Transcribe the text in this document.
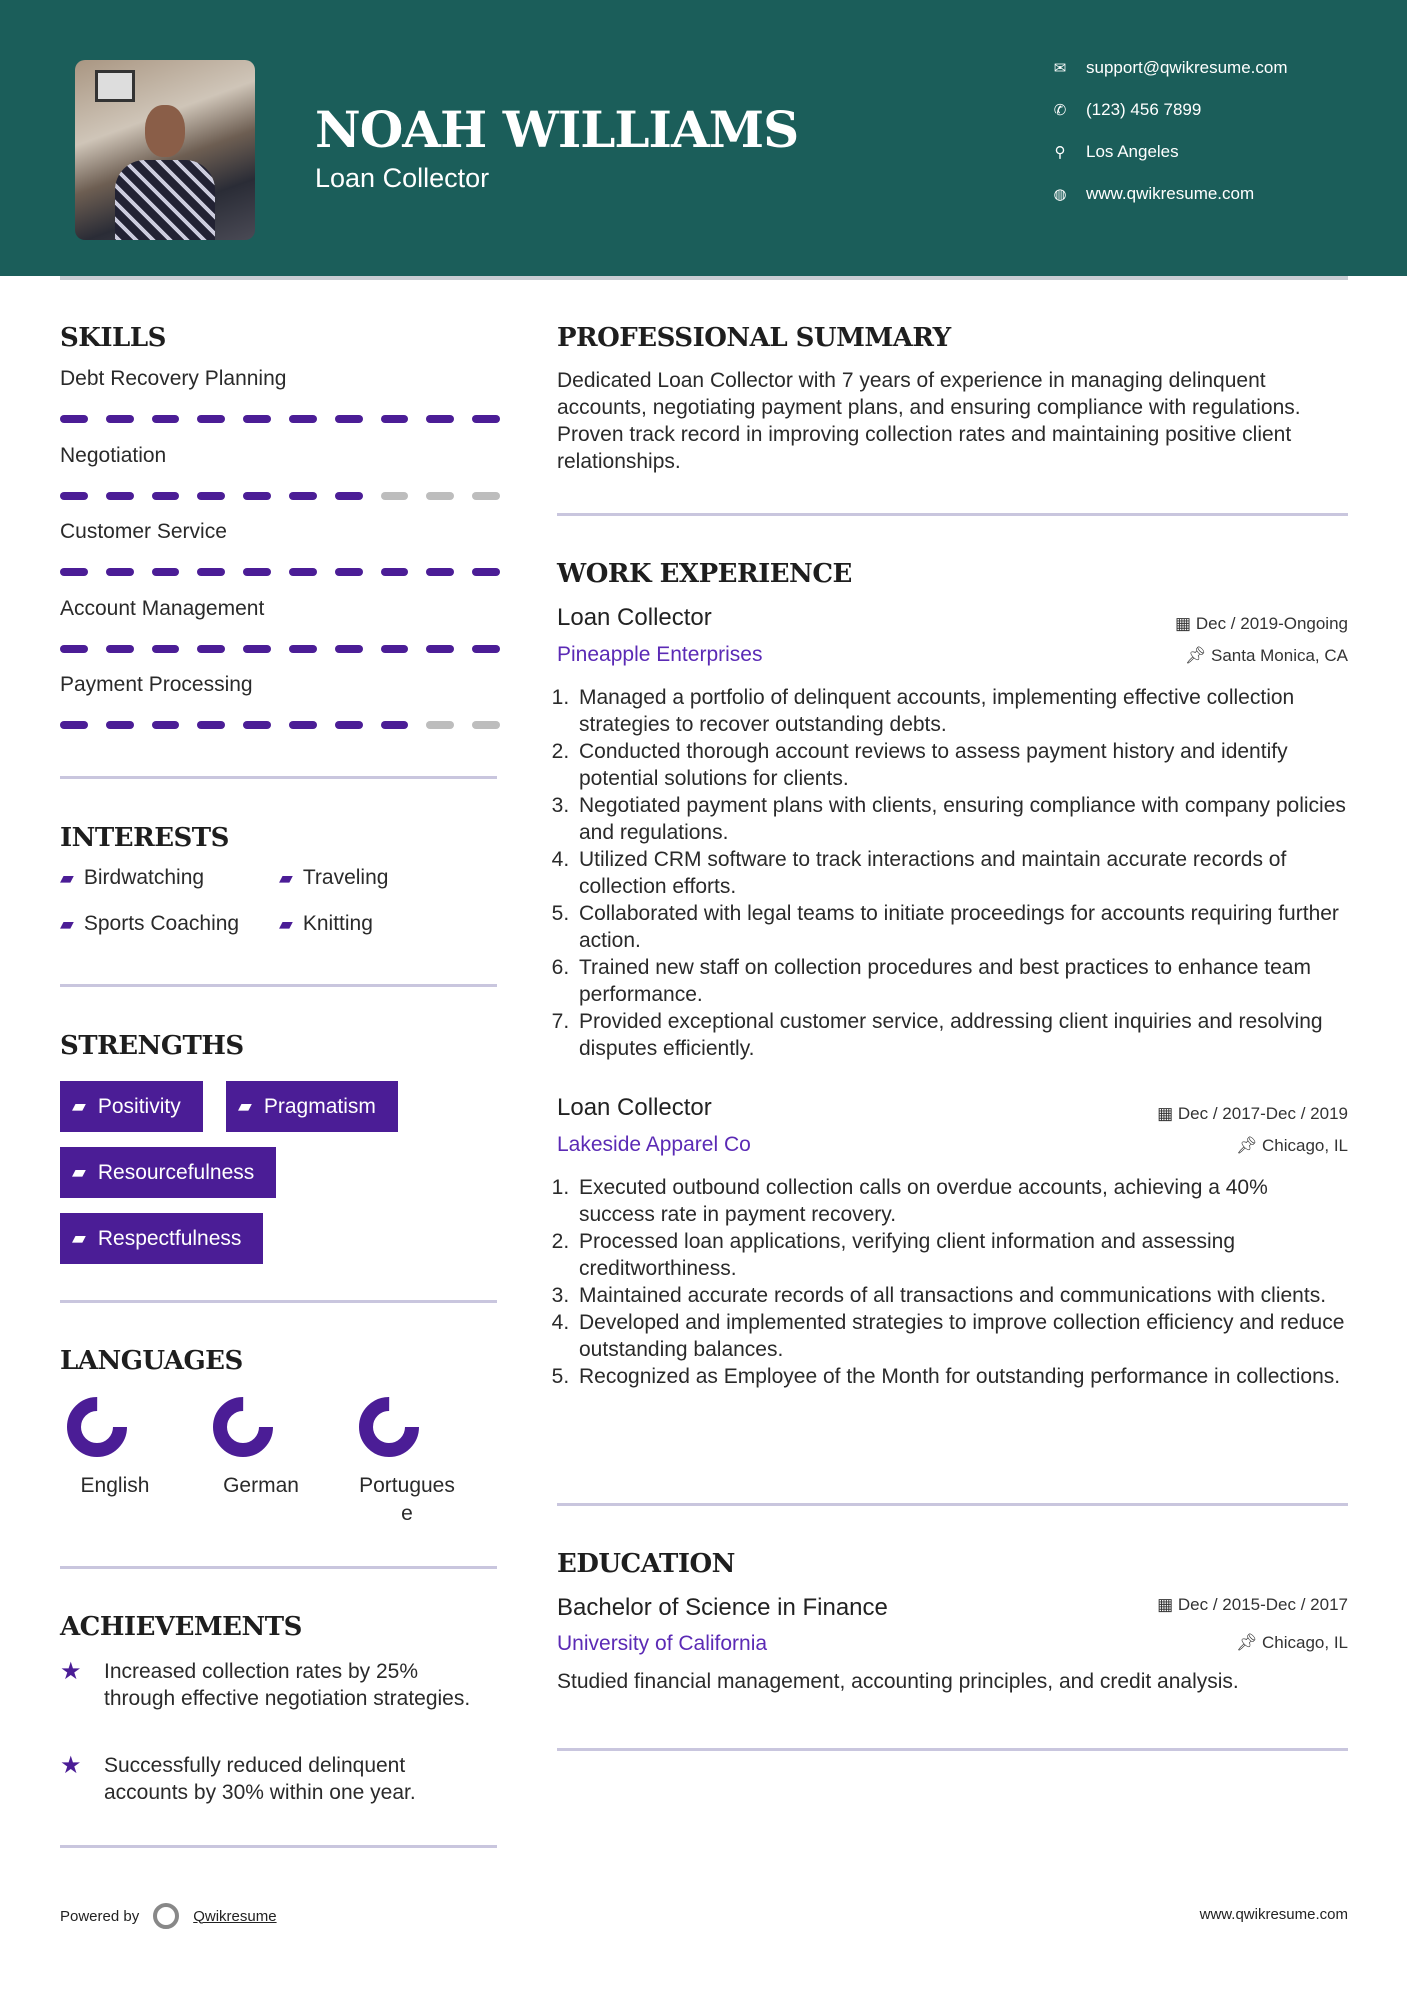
NOAH WILLIAMS
Loan Collector
✉ support@qwikresume.com
✆ (123) 456 7899
⚲ Los Angeles
◍ www.qwikresume.com
SKILLS
Debt Recovery Planning
Negotiation
Customer Service
Account Management
Payment Processing
INTERESTS
▰ Birdwatching	▰ Traveling
▰ Sports Coaching ▰ Knitting
STRENGTHS
▰ Positivity	▰ Pragmatism
▰ Resourcefulness
▰ Respectfulness
LANGUAGES
English	German	Portugues
e
ACHIEVEMENTS
★	Increased collection rates by 25% through effective negotiation strategies.
★	Successfully reduced delinquent accounts by 30% within one year.
PROFESSIONAL SUMMARY
Dedicated Loan Collector with 7 years of experience in managing delinquent accounts, negotiating payment plans, and ensuring compliance with regulations. Proven track record in improving collection rates and maintaining positive client relationships.
WORK EXPERIENCE
Loan Collector	▦ Dec / 2019-Ongoing
Pineapple Enterprises	📌︎ Santa Monica, CA
1. Managed a portfolio of delinquent accounts, implementing effective collection strategies to recover outstanding debts.
2. Conducted thorough account reviews to assess payment history and identify potential solutions for clients.
3. Negotiated payment plans with clients, ensuring compliance with company policies and regulations.
4. Utilized CRM software to track interactions and maintain accurate records of collection efforts.
5. Collaborated with legal teams to initiate proceedings for accounts requiring further action.
6. Trained new staff on collection procedures and best practices to enhance team performance.
7. Provided exceptional customer service, addressing client inquiries and resolving disputes efficiently.
Loan Collector	▦ Dec / 2017-Dec / 2019
Lakeside Apparel Co	📌︎ Chicago, IL
1. Executed outbound collection calls on overdue accounts, achieving a 40% success rate in payment recovery.
2. Processed loan applications, verifying client information and assessing creditworthiness.
3. Maintained accurate records of all transactions and communications with clients.
4. Developed and implemented strategies to improve collection efficiency and reduce outstanding balances.
5. Recognized as Employee of the Month for outstanding performance in collections.
EDUCATION
Bachelor of Science in Finance	▦ Dec / 2015-Dec / 2017
University of California	📌︎ Chicago, IL
Studied financial management, accounting principles, and credit analysis.
Powered by	Qwikresume	www.qwikresume.com
